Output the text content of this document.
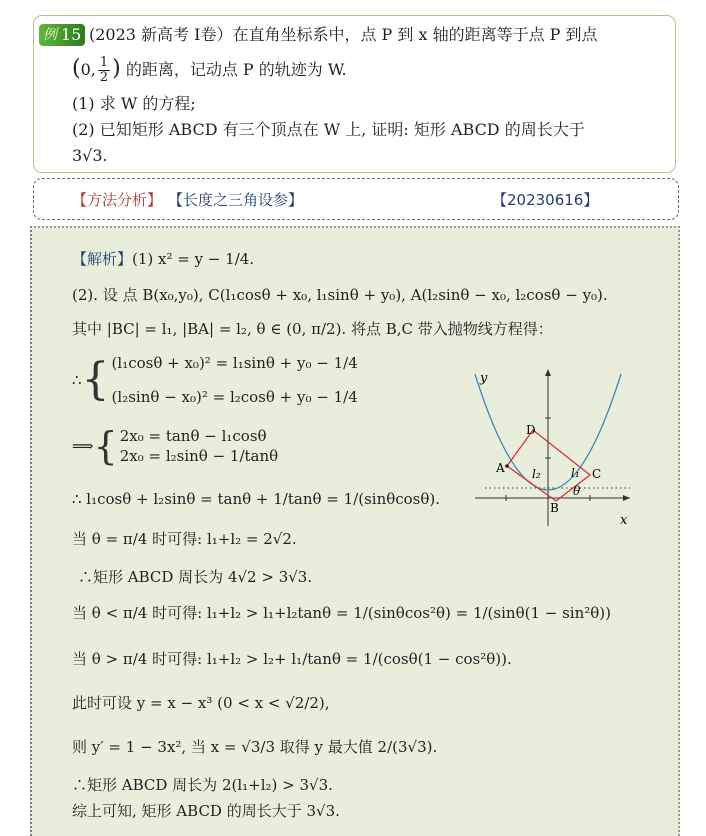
例 15 (2023 新高考 I卷）在直角坐标系中，点 P 到 x 轴的距离等于点 P 到点
(0, $\frac{1}{2}$ ) 的距离，记动点 P 的轨迹为 W.
(1) 求 W 的方程;
(2) 已知矩形 ABCD 有三个顶点在 W 上, 证明: 矩形 ABCD 的周长大于
3√3.
【方法分析】 【长度之三角设参】	【20230616】
【解析】(1) x² = y − 1/4.
(2). 设 点 B(x₀,y₀), C(l₁cosθ + x₀, l₁sinθ + y₀), A(l₂sinθ − x₀, l₂cosθ − y₀).
其中 |BC| = l₁, |BA| = l₂, θ ∈ (0, π/2). 将点 B,C 带入抛物线方程得：
∴ { (l₁cosθ + x₀)² = l₁sinθ + y₀ − 1/4
(l₂sinθ − x₀)² = l₂cosθ + y₀ − 1/4
⟹ { 2x₀ = tanθ − l₁cosθ
2x₀ = l₂sinθ − 1/tanθ
∴ l₁cosθ + l₂sinθ = tanθ + 1/tanθ = 1/(sinθcosθ).
当 θ = π/4 时可得: l₁+l₂ = 2√2.
∴矩形 ABCD 周长为 4√2 > 3√3.
当 θ < π/4 时可得: l₁+l₂ > l₁+l₂tanθ = 1/(sinθcos²θ) = 1/(sinθ(1 − sin²θ))
当 θ > π/4 时可得: l₁+l₂ > l₂+ l₁/tanθ = 1/(cosθ(1 − cos²θ)).
此时可设 y = x − x³ (0 < x < √2/2),
则 y′ = 1 − 3x², 当 x = √3/3 取得 y 最大值 2/(3√3).
∴矩形 ABCD 周长为 2(l₁+l₂) > 3√3.
综上可知, 矩形 ABCD 的周长大于 3√3.
y
x
D
A	C
B
l₂	l₁
θ
